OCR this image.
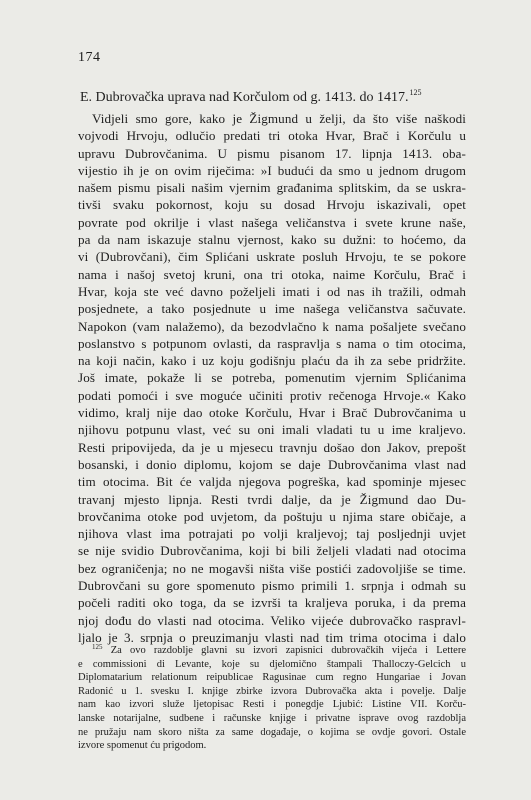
174
E. Dubrovačka uprava nad Korčulom od g. 1413. do 1417.$^{125}$
Vidjeli smo gore, kako je Žigmund u želji, da što više naškodi
vojvodi Hrvoju, odlučio predati tri otoka Hvar, Brač i Korčulu u
upravu Dubrovčanima. U pismu pisanom 17. lipnja 1413. oba-
vijestio ih je on ovim riječima: »I budući da smo u jednom drugom
našem pismu pisali našim vjernim građanima splitskim, da se uskra-
tivši svaku pokornost, koju su dosad Hrvoju iskazivali, opet
povrate pod okrilje i vlast našega veličanstva i svete krune naše,
pa da nam iskazuje stalnu vjernost, kako su dužni: to hoćemo, da
vi (Dubrovčani), čim Splićani uskrate posluh Hrvoju, te se pokore
nama i našoj svetoj kruni, ona tri otoka, naime Korčulu, Brač i
Hvar, koja ste već davno poželjeli imati i od nas ih tražili, odmah
posjednete, a tako posjednute u ime našega veličanstva sačuvate.
Napokon (vam nalažemo), da bezodvlačno k nama pošaljete svečano
poslanstvo s potpunom ovlasti, da raspravlja s nama o tim otocima,
na koji način, kako i uz koju godišnju plaću da ih za sebe pridržite.
Još imate, pokaže li se potreba, pomenutim vjernim Splićanima
podati pomoći i sve moguće učiniti protiv rečenoga Hrvoje.« Kako
vidimo, kralj nije dao otoke Korčulu, Hvar i Brač Dubrovčanima u
njihovu potpunu vlast, već su oni imali vladati tu u ime kraljevo.
Resti pripovijeda, da je u mjesecu travnju došao don Jakov, prepošt
bosanski, i donio diplomu, kojom se daje Dubrovčanima vlast nad
tim otocima. Bit će valjda njegova pogreška, kad spominje mjesec
travanj mjesto lipnja. Resti tvrdi dalje, da je Žigmund dao Du-
brovčanima otoke pod uvjetom, da poštuju u njima stare običaje, a
njihova vlast ima potrajati po volji kraljevoj; taj posljednji uvjet
se nije svidio Dubrovčanima, koji bi bili željeli vladati nad otocima
bez ograničenja; no ne mogavši ništa više postići zadovoljiše se time.
Dubrovčani su gore spomenuto pismo primili 1. srpnja i odmah su
počeli raditi oko toga, da se izvrši ta kraljeva poruka, i da prema
njoj dođu do vlasti nad otocima. Veliko vijeće dubrovačko raspravl-
ljalo je 3. srpnja o preuzimanju vlasti nad tim trima otocima i dalo
$^{125}$ Za ovo razdoblje glavni su izvori zapisnici dubrovačkih vijeća i Lettere
e commissioni di Levante, koje su djelomično štampali Thalloczy-Gelcich u
Diplomatarium relationum reipublicae Ragusinae cum regno Hungariae i Jovan
Radonić u 1. svesku I. knjige zbirke izvora Dubrovačka akta i povelje. Dalje
nam kao izvori služe ljetopisac Resti i ponegdje Ljubić: Listine VII. Korču-
lanske notarijalne, sudbene i računske knjige i privatne isprave ovog razdoblja
ne pružaju nam skoro ništa za same događaje, o kojima se ovdje govori. Ostale
izvore spomenut ću prigodom.
